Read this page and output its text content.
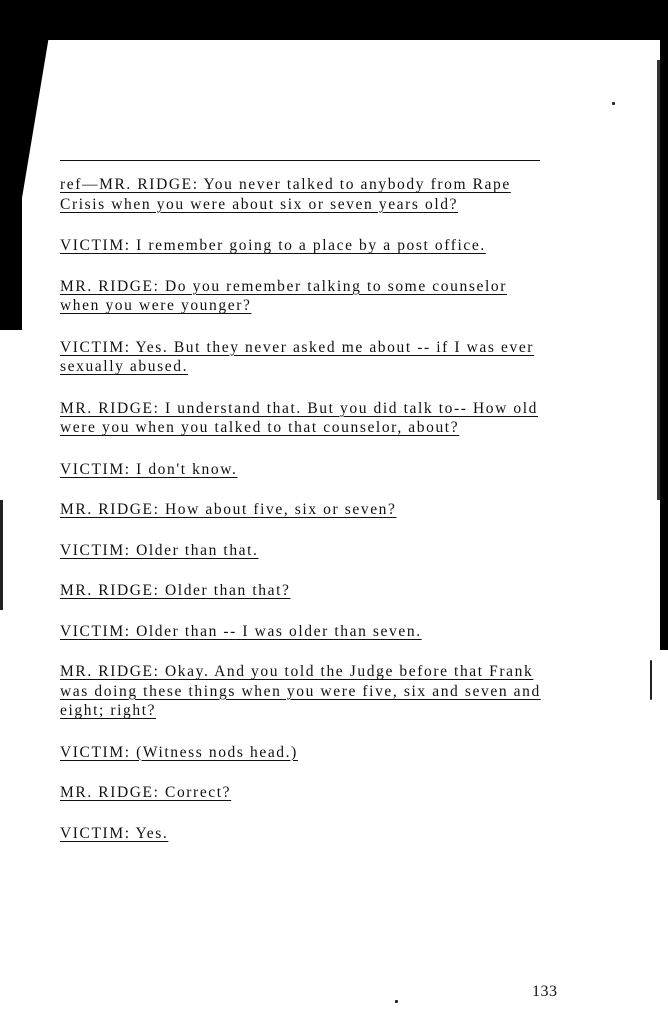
ref—MR. RIDGE: You never talked to anybody from Rape Crisis when you were about six or seven years old?
VICTIM: I remember going to a place by a post office.
MR. RIDGE: Do you remember talking to some counselor when you were younger?
VICTIM: Yes. But they never asked me about -- if I was ever sexually abused.
MR. RIDGE: I understand that. But you did talk to-- How old were you when you talked to that counselor, about?
VICTIM: I don't know.
MR. RIDGE: How about five, six or seven?
VICTIM: Older than that.
MR. RIDGE: Older than that?
VICTIM: Older than -- I was older than seven.
MR. RIDGE: Okay. And you told the Judge before that Frank was doing these things when you were five, six and seven and eight; right?
VICTIM: (Witness nods head.)
MR. RIDGE: Correct?
VICTIM: Yes.
133
